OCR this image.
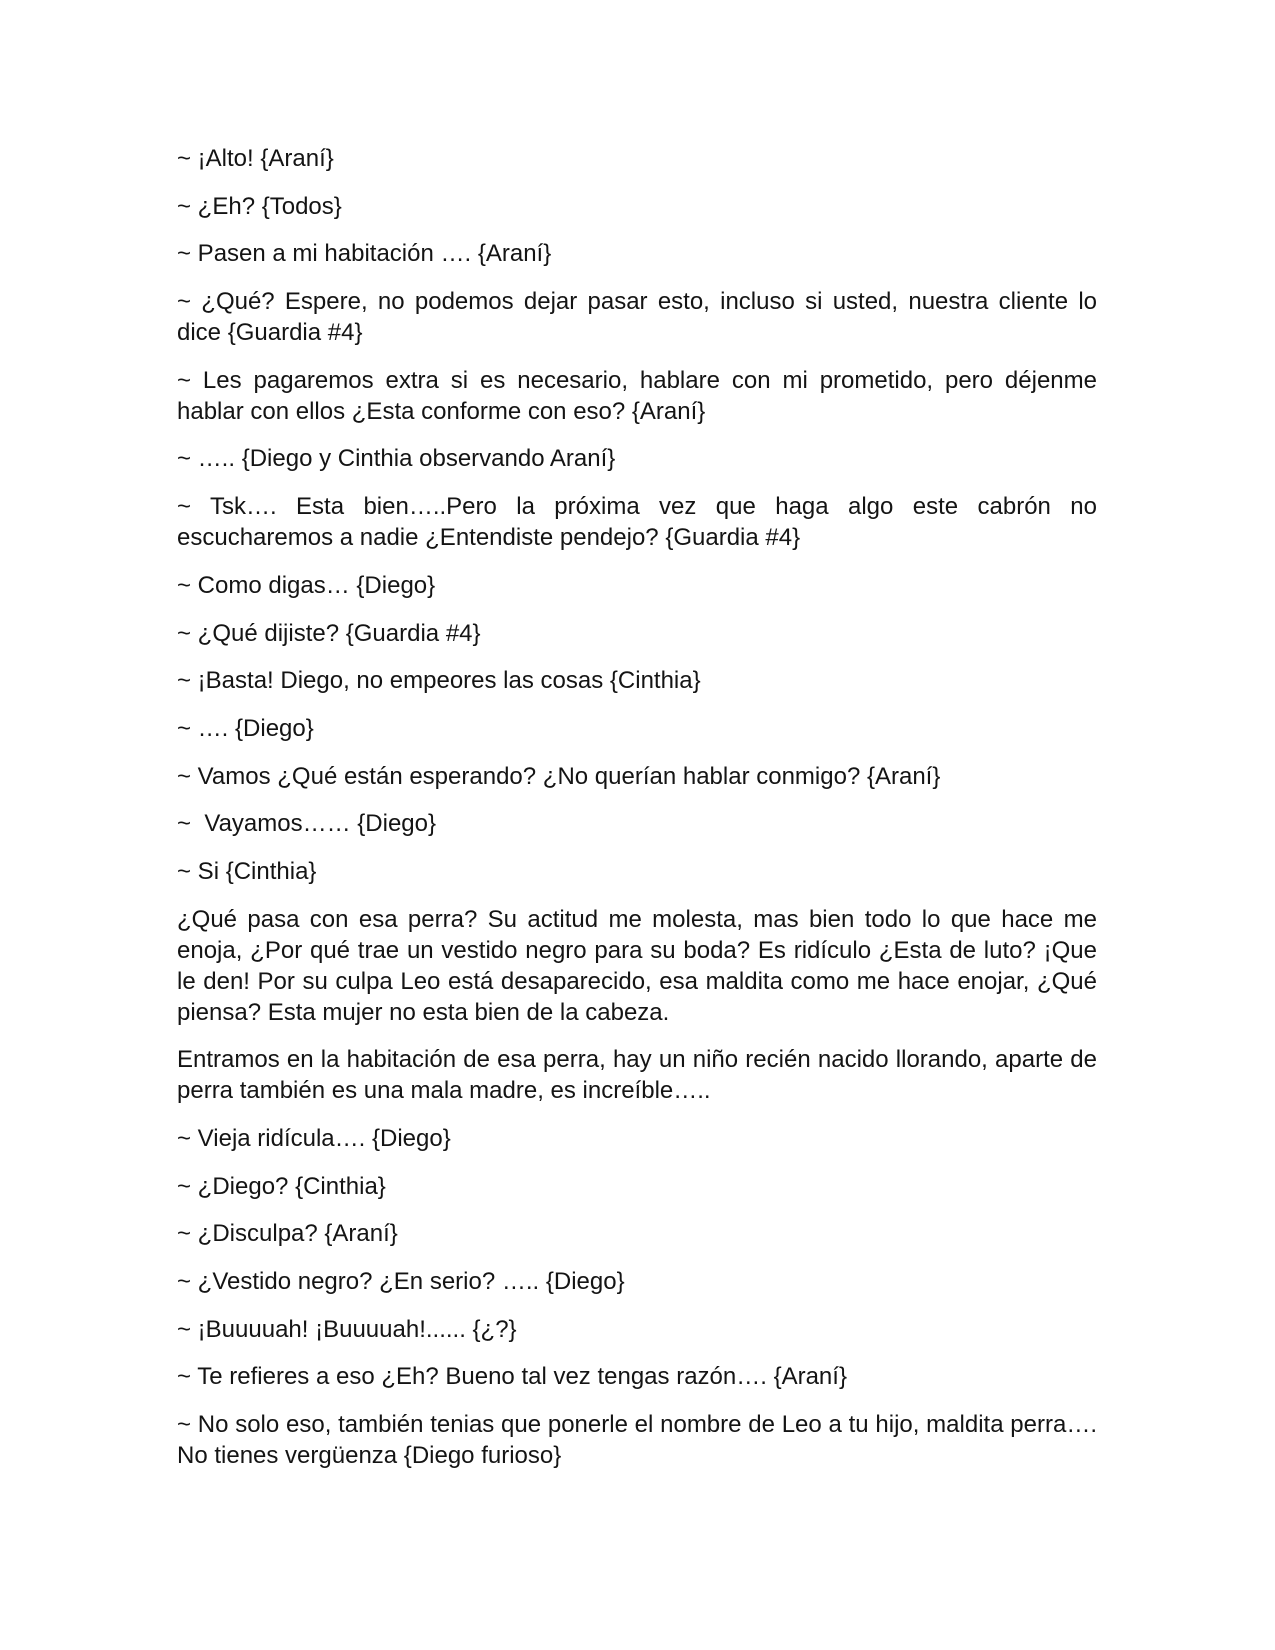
~ ¡Alto! {Araní}

~ ¿Eh? {Todos}

~ Pasen a mi habitación …. {Araní}

~ ¿Qué? Espere, no podemos dejar pasar esto, incluso si usted, nuestra cliente lo dice {Guardia #4}

~ Les pagaremos extra si es necesario, hablare con mi prometido, pero déjenme hablar con ellos ¿Esta conforme con eso? {Araní}

~ ….. {Diego y Cinthia observando Araní}

~ Tsk…. Esta bien…..Pero la próxima vez que haga algo este cabrón no escucharemos a nadie ¿Entendiste pendejo? {Guardia #4}

~ Como digas… {Diego}

~ ¿Qué dijiste? {Guardia #4}

~ ¡Basta! Diego, no empeores las cosas {Cinthia}

~ …. {Diego}

~ Vamos ¿Qué están esperando? ¿No querían hablar conmigo? {Araní}

~  Vayamos…… {Diego}

~ Si {Cinthia}

¿Qué pasa con esa perra? Su actitud me molesta, mas bien todo lo que hace me enoja, ¿Por qué trae un vestido negro para su boda? Es ridículo ¿Esta de luto? ¡Que le den! Por su culpa Leo está desaparecido, esa maldita como me hace enojar, ¿Qué piensa? Esta mujer no esta bien de la cabeza.

Entramos en la habitación de esa perra, hay un niño recién nacido llorando, aparte de perra también es una mala madre, es increíble…..

~ Vieja ridícula…. {Diego}

~ ¿Diego? {Cinthia}

~ ¿Disculpa? {Araní}

~ ¿Vestido negro? ¿En serio? ….. {Diego}

~ ¡Buuuuah! ¡Buuuuah!...... {¿?}

~ Te refieres a eso ¿Eh? Bueno tal vez tengas razón…. {Araní}

~ No solo eso, también tenias que ponerle el nombre de Leo a tu hijo, maldita perra…. No tienes vergüenza {Diego furioso}
